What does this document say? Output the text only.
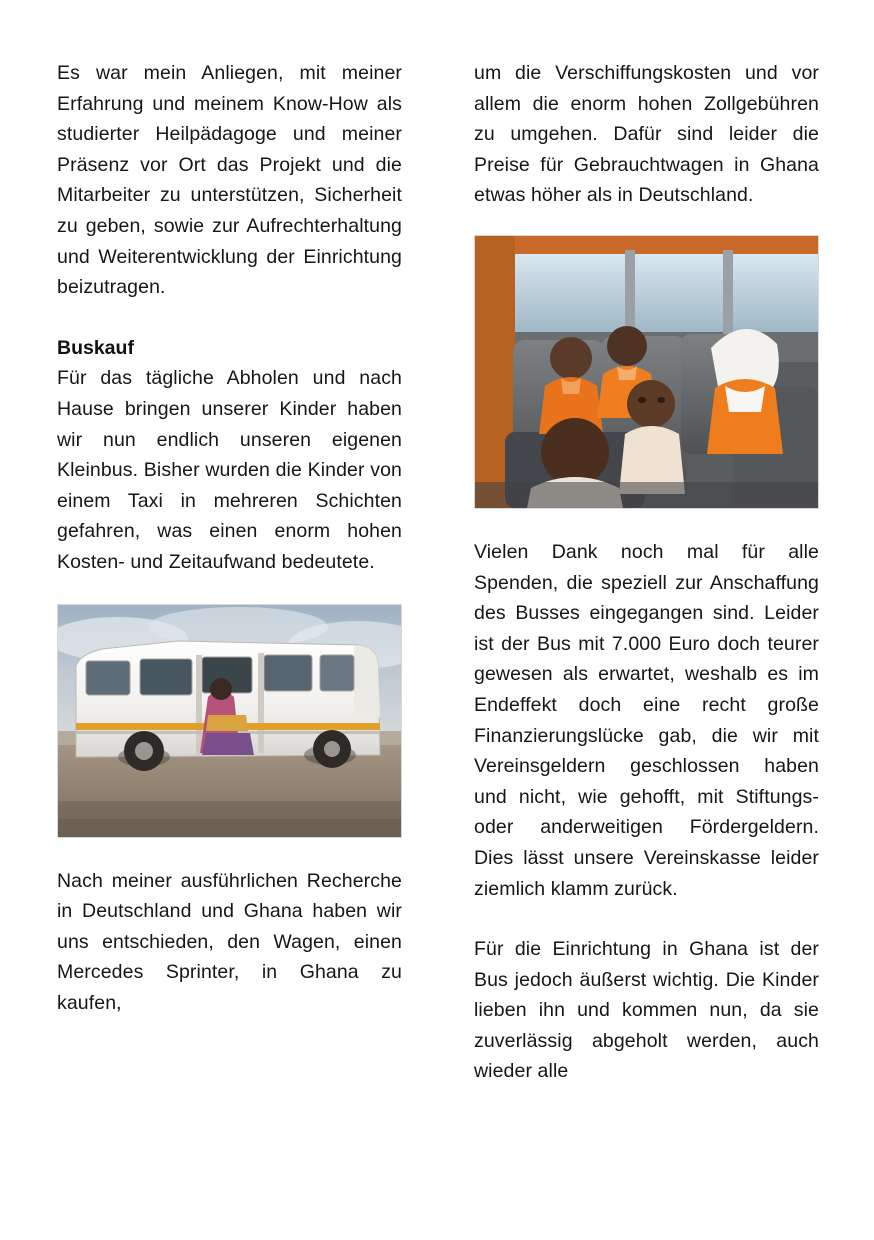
Es war mein Anliegen, mit meiner Erfahrung und meinem Know-How als studierter Heilpädagoge und meiner Präsenz vor Ort das Projekt und die Mitarbeiter zu unterstützen, Sicherheit zu geben, sowie zur Aufrechterhaltung und Weiterentwicklung der Einrichtung beizutragen.

Buskauf

Für das tägliche Abholen und nach Hause bringen unserer Kinder haben wir nun endlich unseren eigenen Kleinbus. Bisher wurden die Kinder von einem Taxi in mehreren Schichten gefahren, was einen enorm hohen Kosten- und Zeitaufwand bedeutete.

Nach meiner ausführlichen Recherche in Deutschland und Ghana haben wir uns entschieden, den Wagen, einen Mercedes Sprinter, in Ghana zu kaufen,

um die Verschiffungskosten und vor allem die enorm hohen Zollgebühren zu umgehen. Dafür sind leider die Preise für Gebrauchtwagen in Ghana etwas höher als in Deutschland.

Vielen Dank noch mal für alle Spenden, die speziell zur Anschaffung des Busses eingegangen sind. Leider ist der Bus mit 7.000 Euro doch teurer gewesen als erwartet, weshalb es im Endeffekt doch eine recht große Finanzierungslücke gab, die wir mit Vereinsgeldern geschlossen haben und nicht, wie gehofft, mit Stiftungs- oder anderweitigen Fördergeldern. Dies lässt unsere Vereinskasse leider ziemlich klamm zurück.

Für die Einrichtung in Ghana ist der Bus jedoch äußerst wichtig. Die Kinder lieben ihn und kommen nun, da sie zuverlässig abgeholt werden, auch wieder alle
